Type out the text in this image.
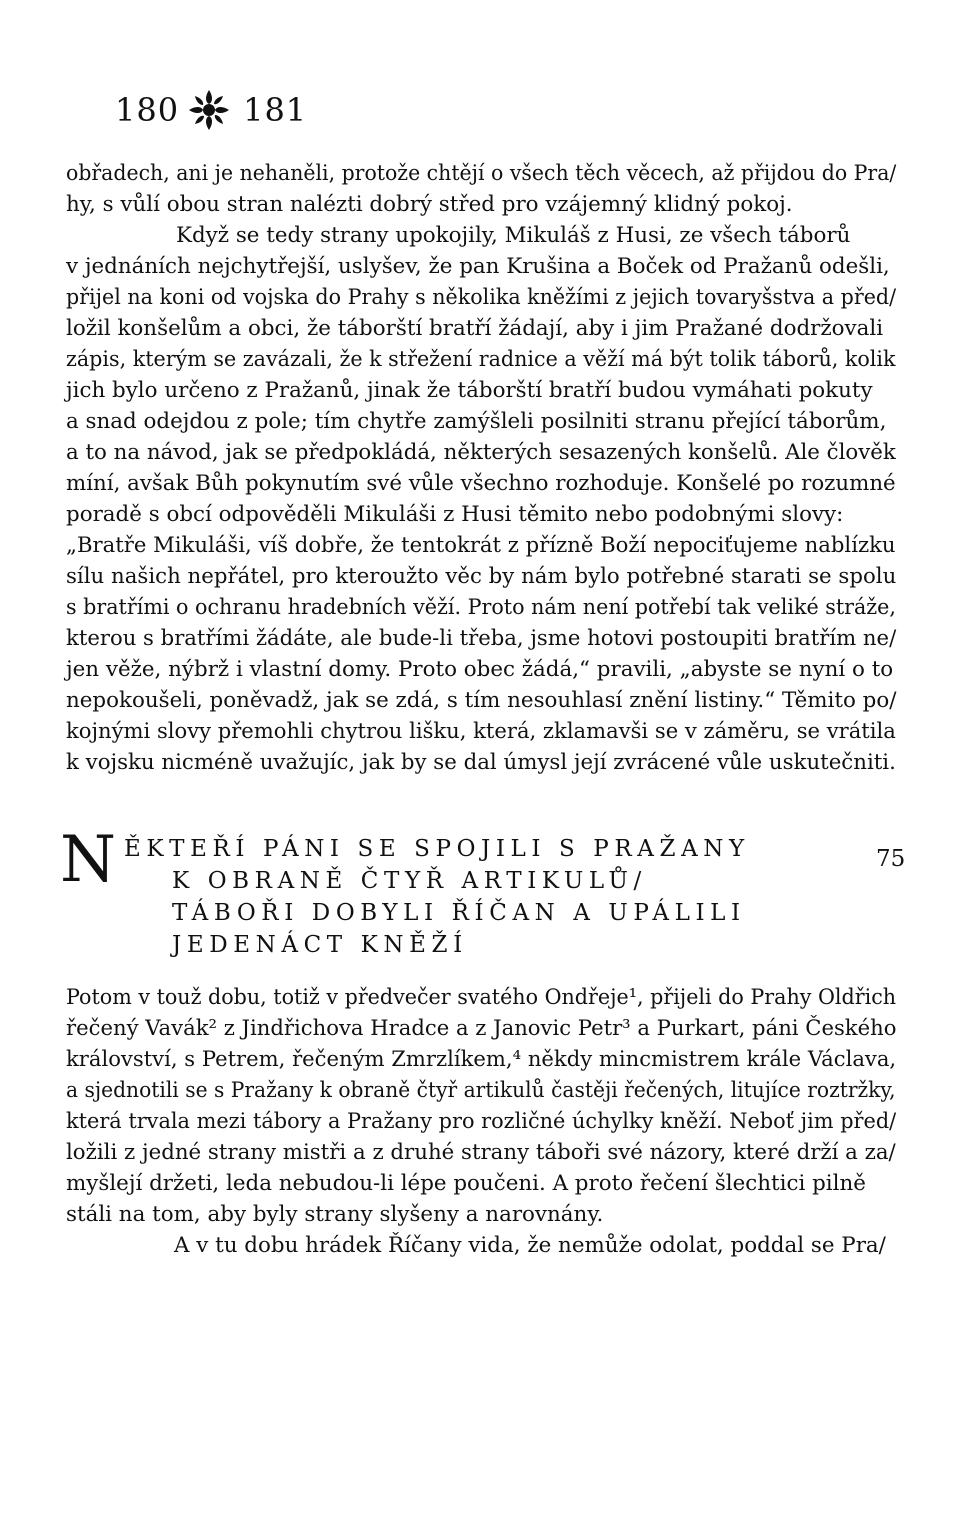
180 181
obřadech, ani je nehaněli, protože chtějí o všech těch věcech, až přijdou do Pra/
hy, s vůlí obou stran nalézti dobrý střed pro vzájemný klidný pokoj.
Když se tedy strany upokojily, Mikuláš z Husi, ze všech táborů
v jednáních nejchytřejší, uslyšev, že pan Krušina a Boček od Pražanů odešli,
přijel na koni od vojska do Prahy s několika kněžími z jejich tovaryšstva a před/
ložil konšelům a obci, že táborští bratří žádají, aby i jim Pražané dodržovali
zápis, kterým se zavázali, že k střežení radnice a věží má být tolik táborů, kolik
jich bylo určeno z Pražanů, jinak že táborští bratří budou vymáhati pokuty
a snad odejdou z pole; tím chytře zamýšleli posilniti stranu přející táborům,
a to na návod, jak se předpokládá, některých sesazených konšelů. Ale člověk
míní, avšak Bůh pokynutím své vůle všechno rozhoduje. Konšelé po rozumné
poradě s obcí odpověděli Mikuláši z Husi těmito nebo podobnými slovy:
„Bratře Mikuláši, víš dobře, že tentokrát z přízně Boží nepociťujeme nablízku
sílu našich nepřátel, pro kteroužto věc by nám bylo potřebné starati se spolu
s bratřími o ochranu hradebních věží. Proto nám není potřebí tak veliké stráže,
kterou s bratřími žádáte, ale bude-li třeba, jsme hotovi postoupiti bratřím ne/
jen věže, nýbrž i vlastní domy. Proto obec žádá,“ pravili, „abyste se nyní o to
nepokoušeli, poněvadž, jak se zdá, s tím nesouhlasí znění listiny.“ Těmito po/
kojnými slovy přemohli chytrou lišku, která, zklamavši se v záměru, se vrátila
k vojsku nicméně uvažujíc, jak by se dal úmysl její zvrácené vůle uskutečniti.
N ĚKTEŘÍ PÁNI SE SPOJILI S PRAŽANY
K OBRANĚ ČTYŘ ARTIKULŮ/
TÁBOŘI DOBYLI ŘÍČAN A UPÁLILI
JEDENÁCT KNĚŽÍ
75
Potom v touž dobu, totiž v předvečer svatého Ondřeje¹, přijeli do Prahy Oldřich
řečený Vavák² z Jindřichova Hradce a z Janovic Petr³ a Purkart, páni Českého
království, s Petrem, řečeným Zmrzlíkem,⁴ někdy mincmistrem krále Václava,
a sjednotili se s Pražany k obraně čtyř artikulů častěji řečených, litujíce roztržky,
která trvala mezi tábory a Pražany pro rozličné úchylky kněží. Neboť jim před/
ložili z jedné strany mistři a z druhé strany táboři své názory, které drží a za/
myšlejí držeti, leda nebudou-li lépe poučeni. A proto řečení šlechtici pilně
stáli na tom, aby byly strany slyšeny a narovnány.
A v tu dobu hrádek Říčany vida, že nemůže odolat, poddal se Pra/
